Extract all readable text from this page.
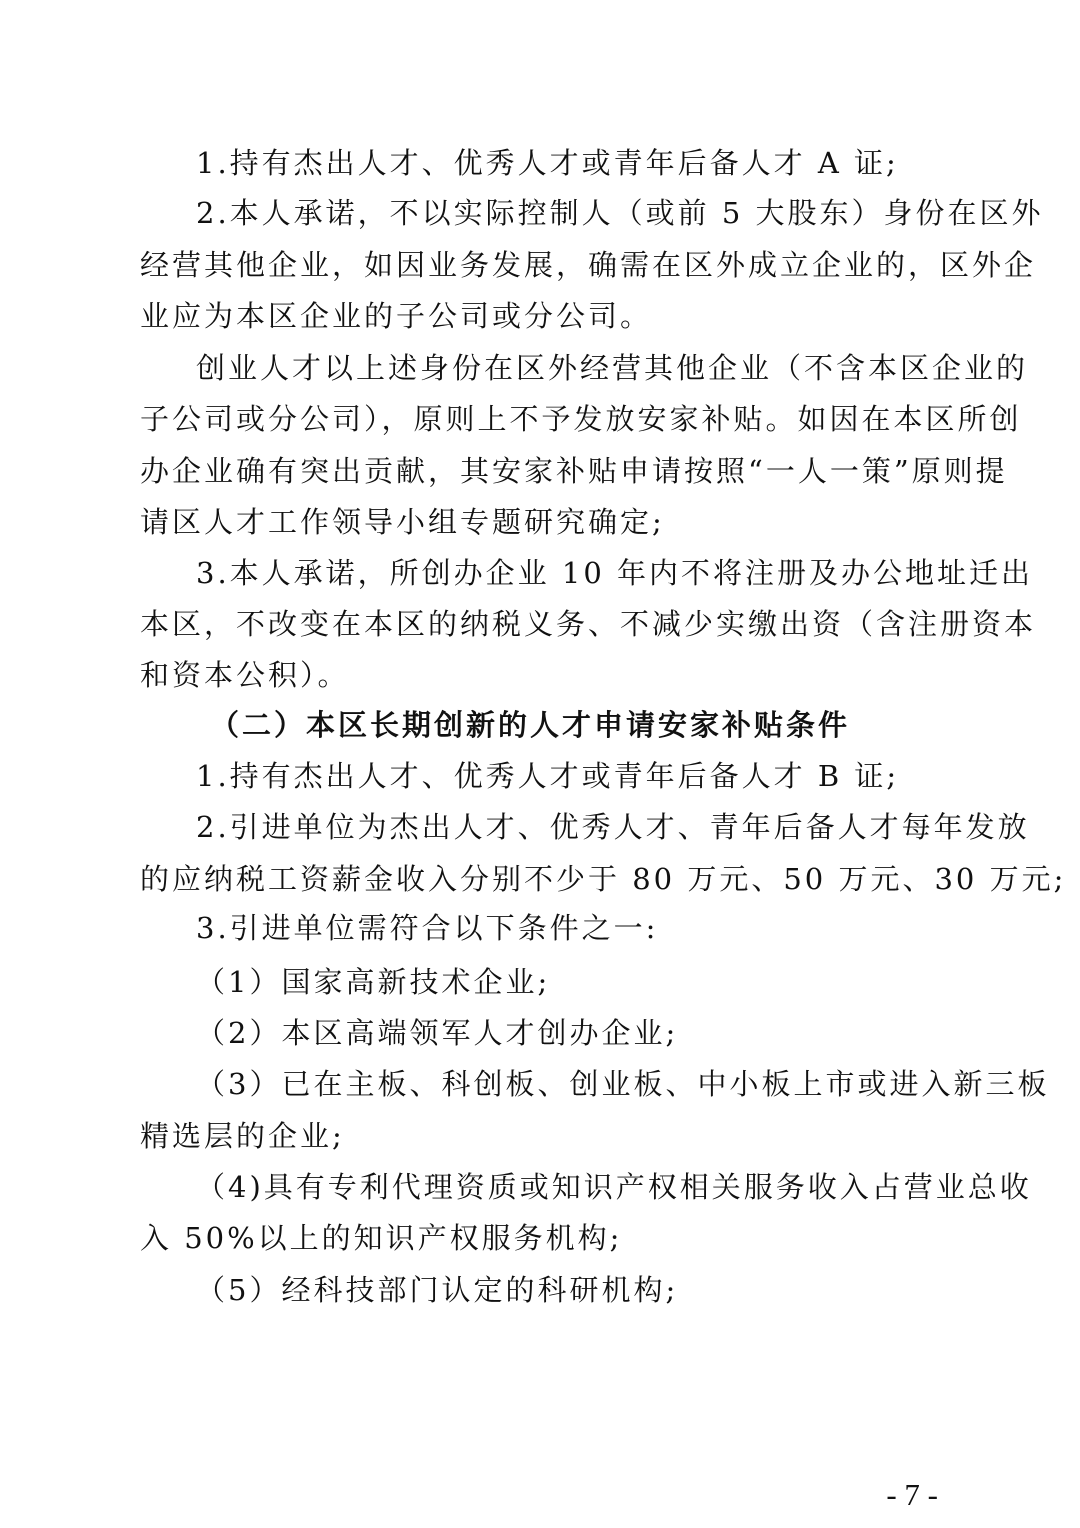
1.持有杰出人才、优秀人才或青年后备人才 A 证;
2.本人承诺，不以实际控制人（或前 5 大股东）身份在区外
经营其他企业，如因业务发展，确需在区外成立企业的，区外企
业应为本区企业的子公司或分公司。
创业人才以上述身份在区外经营其他企业（不含本区企业的
子公司或分公司），原则上不予发放安家补贴。如因在本区所创
办企业确有突出贡献，其安家补贴申请按照“一人一策”原则提
请区人才工作领导小组专题研究确定;
3.本人承诺，所创办企业 10 年内不将注册及办公地址迁出
本区，不改变在本区的纳税义务、不减少实缴出资（含注册资本
和资本公积）。
（二）本区长期创新的人才申请安家补贴条件
1.持有杰出人才、优秀人才或青年后备人才 B 证;
2.引进单位为杰出人才、优秀人才、青年后备人才每年发放
的应纳税工资薪金收入分别不少于 80 万元、50 万元、30 万元;
3.引进单位需符合以下条件之一:
（1）国家高新技术企业;
（2）本区高端领军人才创办企业;
（3）已在主板、科创板、创业板、中小板上市或进入新三板
精选层的企业;
（4)具有专利代理资质或知识产权相关服务收入占营业总收
入 50%以上的知识产权服务机构;
（5）经科技部门认定的科研机构;
- 7 -
